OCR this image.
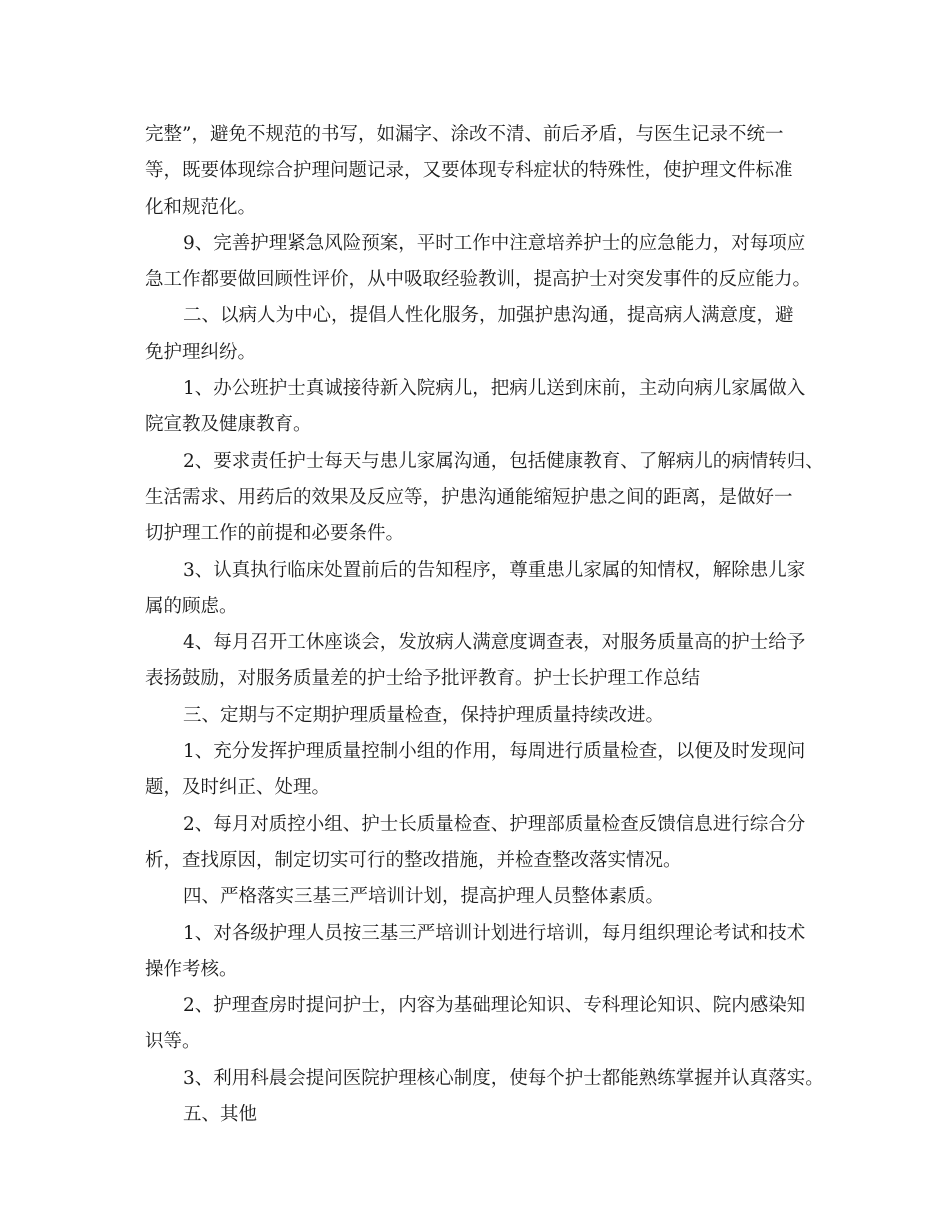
完整”，避免不规范的书写，如漏字、涂改不清、前后矛盾，与医生记录不统一
等，既要体现综合护理问题记录，又要体现专科症状的特殊性，使护理文件标准
化和规范化。
9、完善护理紧急风险预案，平时工作中注意培养护士的应急能力，对每项应
急工作都要做回顾性评价，从中吸取经验教训，提高护士对突发事件的反应能力。
二、以病人为中心，提倡人性化服务，加强护患沟通，提高病人满意度，避
免护理纠纷。
1、办公班护士真诚接待新入院病儿，把病儿送到床前，主动向病儿家属做入
院宣教及健康教育。
2、要求责任护士每天与患儿家属沟通，包括健康教育、了解病儿的病情转归、
生活需求、用药后的效果及反应等，护患沟通能缩短护患之间的距离，是做好一
切护理工作的前提和必要条件。
3、认真执行临床处置前后的告知程序，尊重患儿家属的知情权，解除患儿家
属的顾虑。
4、每月召开工休座谈会，发放病人满意度调查表，对服务质量高的护士给予
表扬鼓励，对服务质量差的护士给予批评教育。护士长护理工作总结
三、定期与不定期护理质量检查，保持护理质量持续改进。
1、充分发挥护理质量控制小组的作用，每周进行质量检查，以便及时发现问
题，及时纠正、处理。
2、每月对质控小组、护士长质量检查、护理部质量检查反馈信息进行综合分
析，查找原因，制定切实可行的整改措施，并检查整改落实情况。
四、严格落实三基三严培训计划，提高护理人员整体素质。
1、对各级护理人员按三基三严培训计划进行培训，每月组织理论考试和技术
操作考核。
2、护理查房时提问护士，内容为基础理论知识、专科理论知识、院内感染知
识等。
3、利用科晨会提问医院护理核心制度，使每个护士都能熟练掌握并认真落实。
五、其他
